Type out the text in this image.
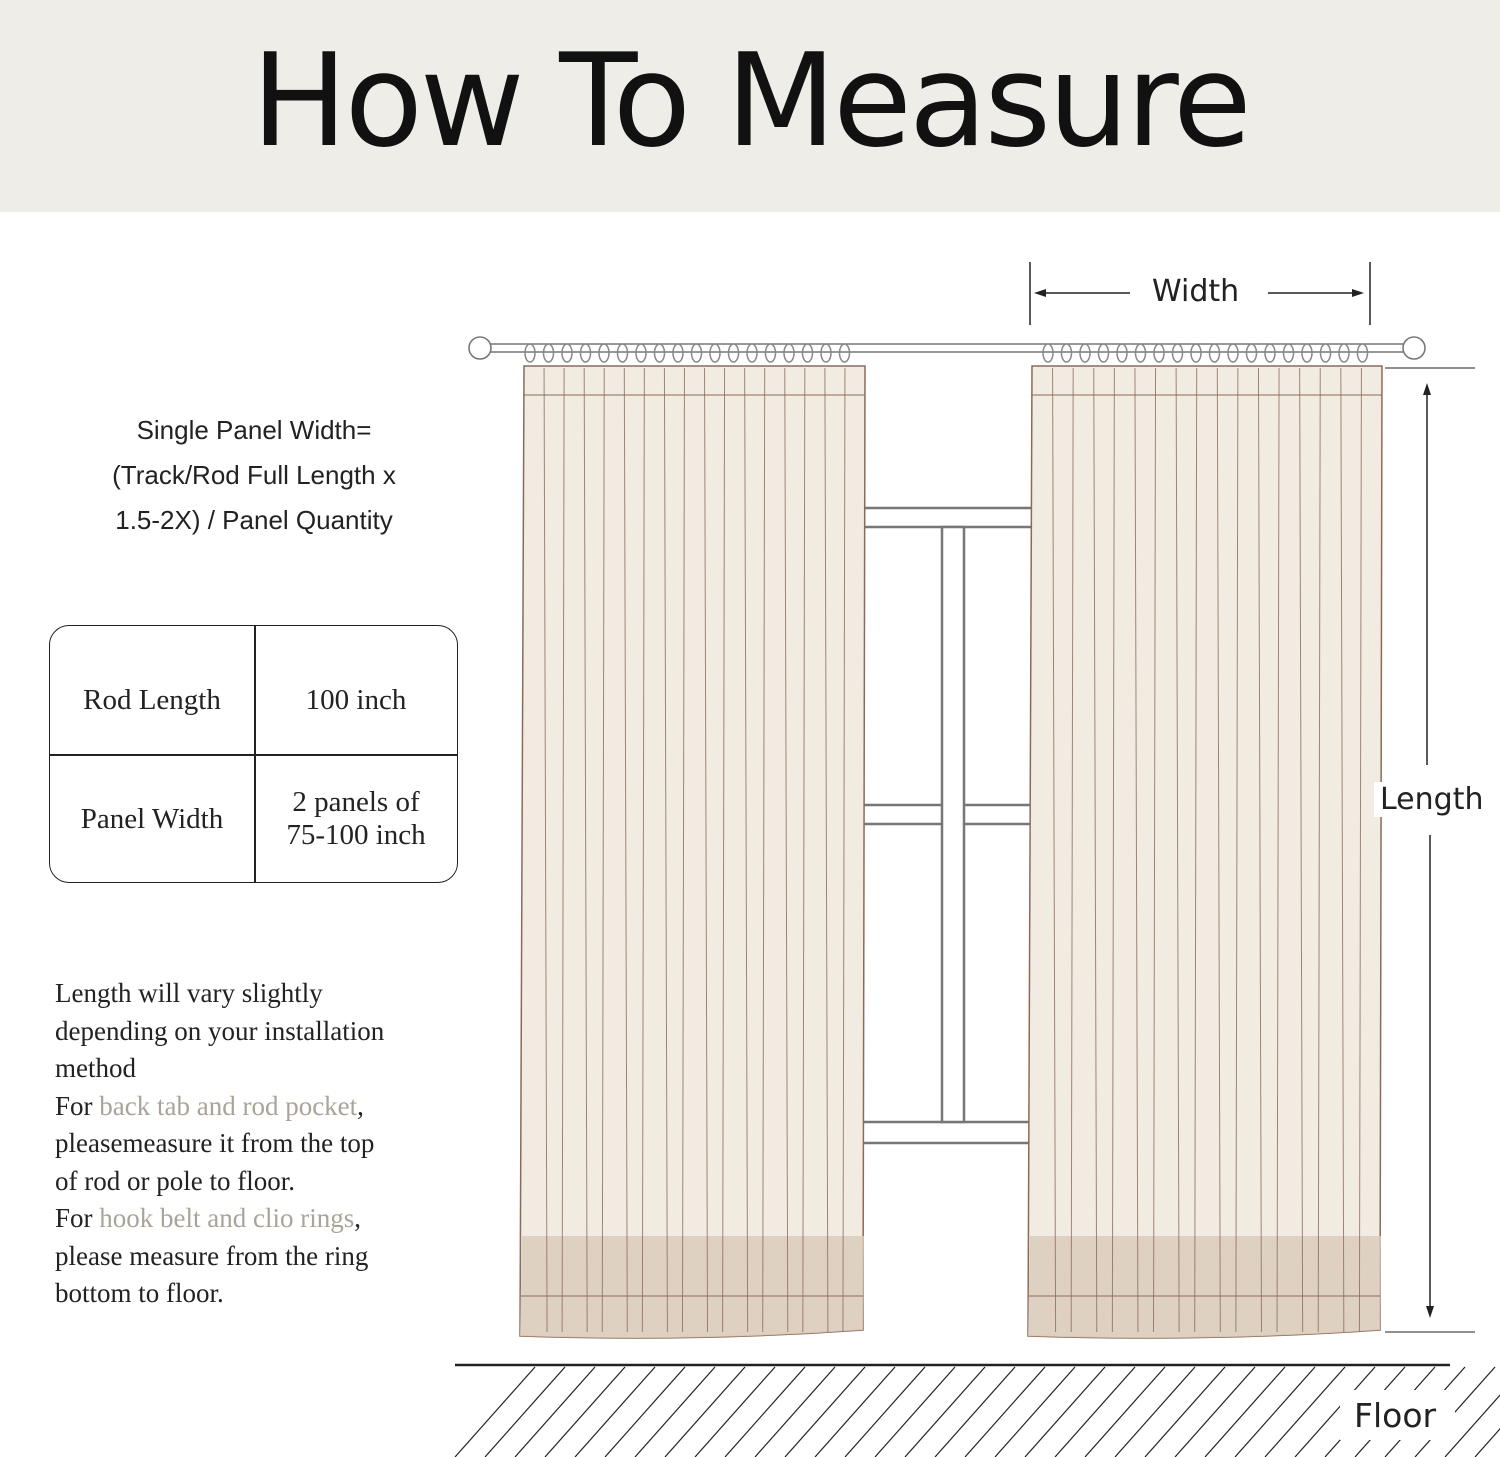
How To Measure
Single Panel Width=
(Track/Rod Full Length x
1.5-2X) / Panel Quantity
Rod Length	100 inch
Panel Width
2 panels of
75-100 inch
Length will vary slightly
depending on your installation
method
For back tab and rod pocket,
pleasemeasure it from the top
of rod or pole to floor.
For hook belt and clio rings,
please measure from the ring
bottom to floor.
Width
Length
Floor
